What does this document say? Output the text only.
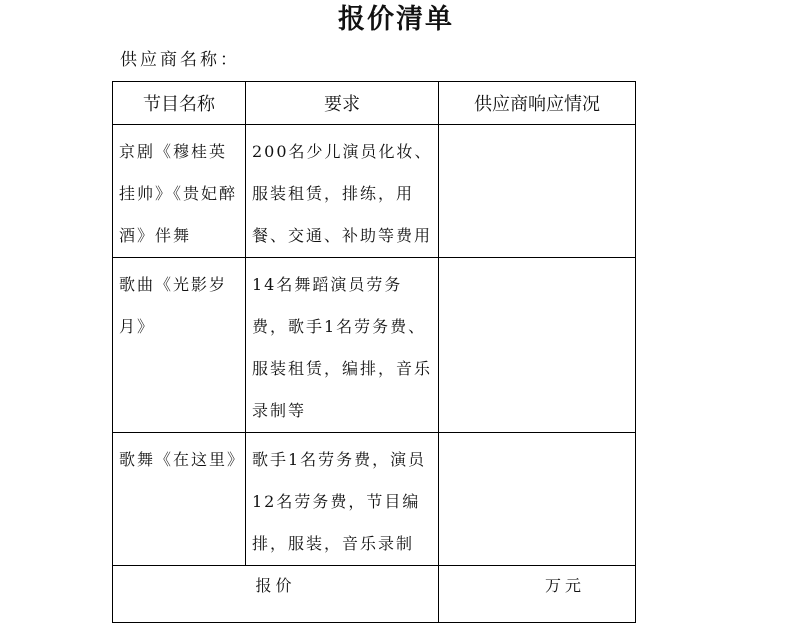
报价清单
供应商名称：
节目名称	要求	供应商响应情况

京剧《穆桂英挂帅》《贵妃醉酒》伴舞	200名少儿演员化妆、服装租赁，排练，用餐、交通、补助等费用	

歌曲《光影岁月》	14名舞蹈演员劳务费，歌手1名劳务费、服装租赁，编排，音乐录制等	

歌舞《在这里》	歌手1名劳务费，演员12名劳务费，节目编排，服装，音乐录制	

报价		万元
